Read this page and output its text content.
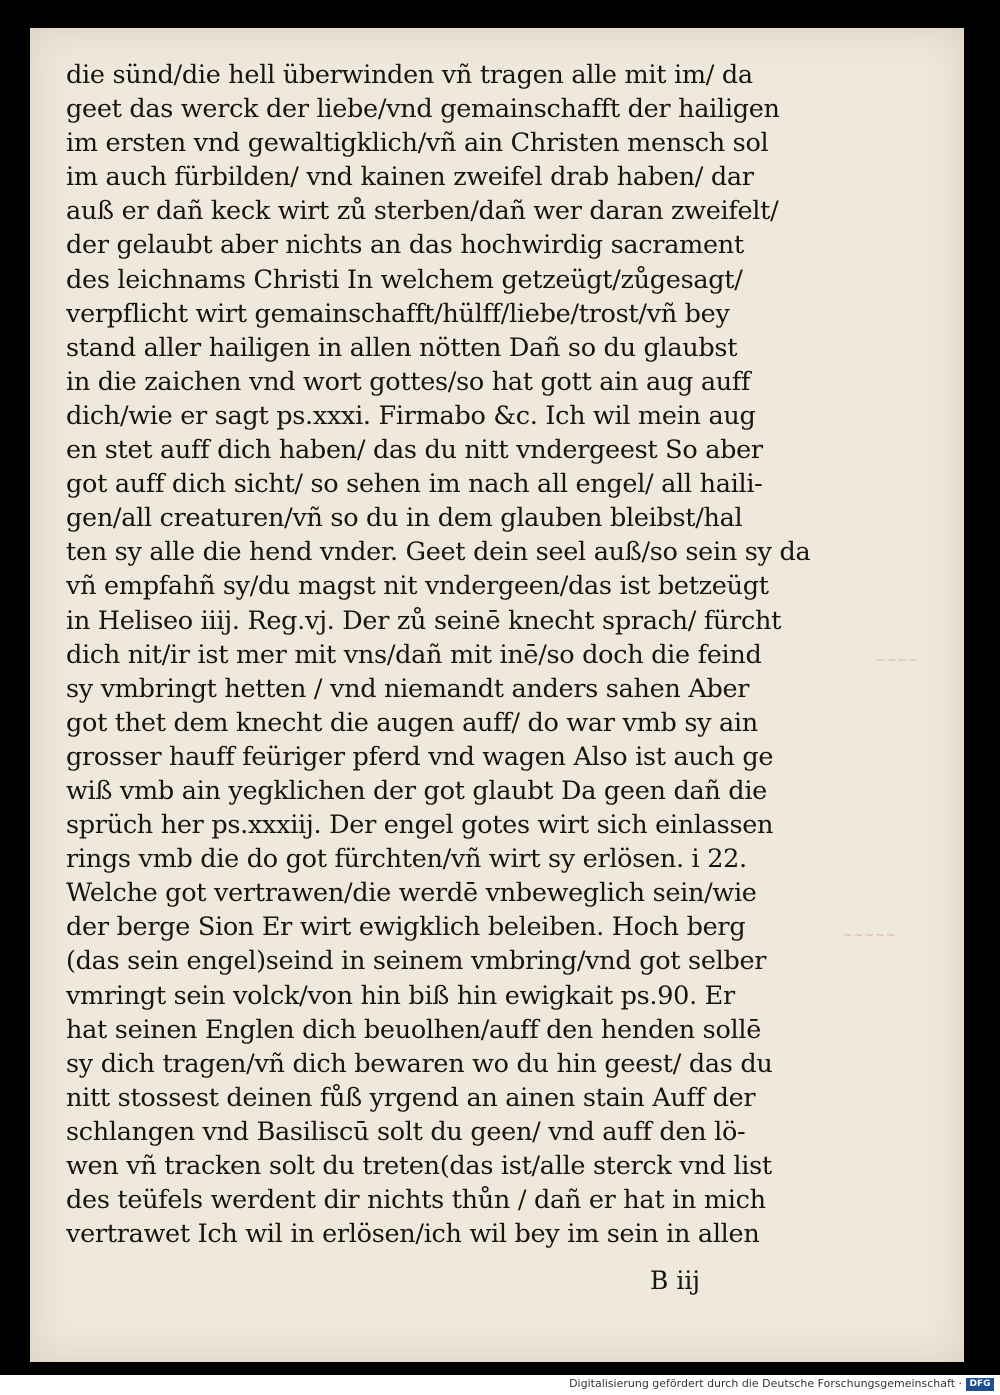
die sünd/die hell überwinden vñ tragen alle mit im/ da
geet das werck der liebe/vnd gemainschafft der hailigen
im ersten vnd gewaltigklich/vñ ain Christen mensch sol
im auch fürbilden/ vnd kainen zweifel drab haben/ dar
auß er dañ keck wirt zů sterben/dañ wer daran zweifelt/
der gelaubt aber nichts an das hochwirdig sacrament
des leichnams Christi In welchem getzeügt/zůgesagt/
verpflicht wirt gemainschafft/hülff/liebe/trost/vñ bey
stand aller hailigen in allen nötten Dañ so du glaubst
in die zaichen vnd wort gottes/so hat gott ain aug auff
dich/wie er sagt ps.xxxi. Firmabo &c. Ich wil mein aug
en stet auff dich haben/ das du nitt vndergeest So aber
got auff dich sicht/ so sehen im nach all engel/ all haili-
gen/all creaturen/vñ so du in dem glauben bleibst/hal
ten sy alle die hend vnder. Geet dein seel auß/so sein sy da
vñ empfahñ sy/du magst nit vndergeen/das ist betzeügt
in Heliseo iiij. Reg.vj. Der zů seinē knecht sprach/ fürcht
dich nit/ir ist mer mit vns/dañ mit inē/so doch die feind
sy vmbringt hetten / vnd niemandt anders sahen Aber
got thet dem knecht die augen auff/ do war vmb sy ain
grosser hauff feüriger pferd vnd wagen Also ist auch ge
wiß vmb ain yegklichen der got glaubt Da geen dañ die
sprüch her ps.xxxiij. Der engel gotes wirt sich einlassen
rings vmb die do got fürchten/vñ wirt sy erlösen. i 22.
Welche got vertrawen/die werdē vnbeweglich sein/wie
der berge Sion Er wirt ewigklich beleiben. Hoch berg
(das sein engel)seind in seinem vmbring/vnd got selber
vmringt sein volck/von hin biß hin ewigkait ps.90. Er
hat seinen Englen dich beuolhen/auff den henden sollē
sy dich tragen/vñ dich bewaren wo du hin geest/ das du
nitt stossest deinen fůß yrgend an ainen stain Auff der
schlangen vnd Basiliscū solt du geen/ vnd auff den lö-
wen vñ tracken solt du treten(das ist/alle sterck vnd list
des teüfels werdent dir nichts thůn / dañ er hat in mich
vertrawet Ich wil in erlösen/ich wil bey im sein in allen
~~~~
~~~~~
B iij
Digitalisierung gefördert durch die Deutsche Forschungsgemeinschaft · DFG
